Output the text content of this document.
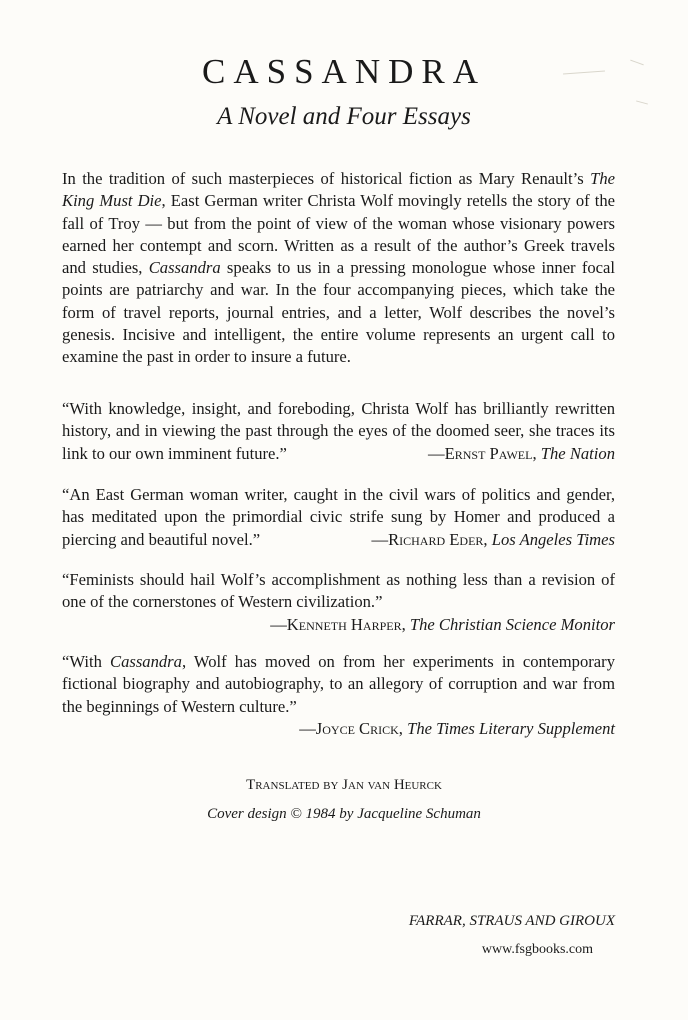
CASSANDRA
A Novel and Four Essays

In the tradition of such masterpieces of historical fiction as Mary Renault’s The King Must Die, East German writer Christa Wolf movingly retells the story of the fall of Troy — but from the point of view of the woman whose visionary powers earned her contempt and scorn. Written as a result of the author’s Greek travels and studies, Cassandra speaks to us in a pressing monologue whose inner focal points are patriarchy and war. In the four accompanying pieces, which take the form of travel reports, journal entries, and a letter, Wolf describes the novel’s genesis. Incisive and intelligent, the entire volume represents an urgent call to examine the past in order to insure a future.

“With knowledge, insight, and foreboding, Christa Wolf has brilliantly rewritten history, and in viewing the past through the eyes of the doomed seer, she traces its link to our own imminent future.”	—Ernst Pawel, The Nation

“An East German woman writer, caught in the civil wars of politics and gender, has meditated upon the primordial civic strife sung by Homer and produced a piercing and beautiful novel.”	—Richard Eder, Los Angeles Times

“Feminists should hail Wolf’s accomplishment as nothing less than a revision of one of the cornerstones of Western civilization.”
—Kenneth Harper, The Christian Science Monitor

“With Cassandra, Wolf has moved on from her experiments in contemporary fictional biography and autobiography, to an allegory of corruption and war from the beginnings of Western culture.”
—Joyce Crick, The Times Literary Supplement

Translated by Jan van Heurck
Cover design © 1984 by Jacqueline Schuman
FARRAR, STRAUS AND GIROUX
www.fsgbooks.com
